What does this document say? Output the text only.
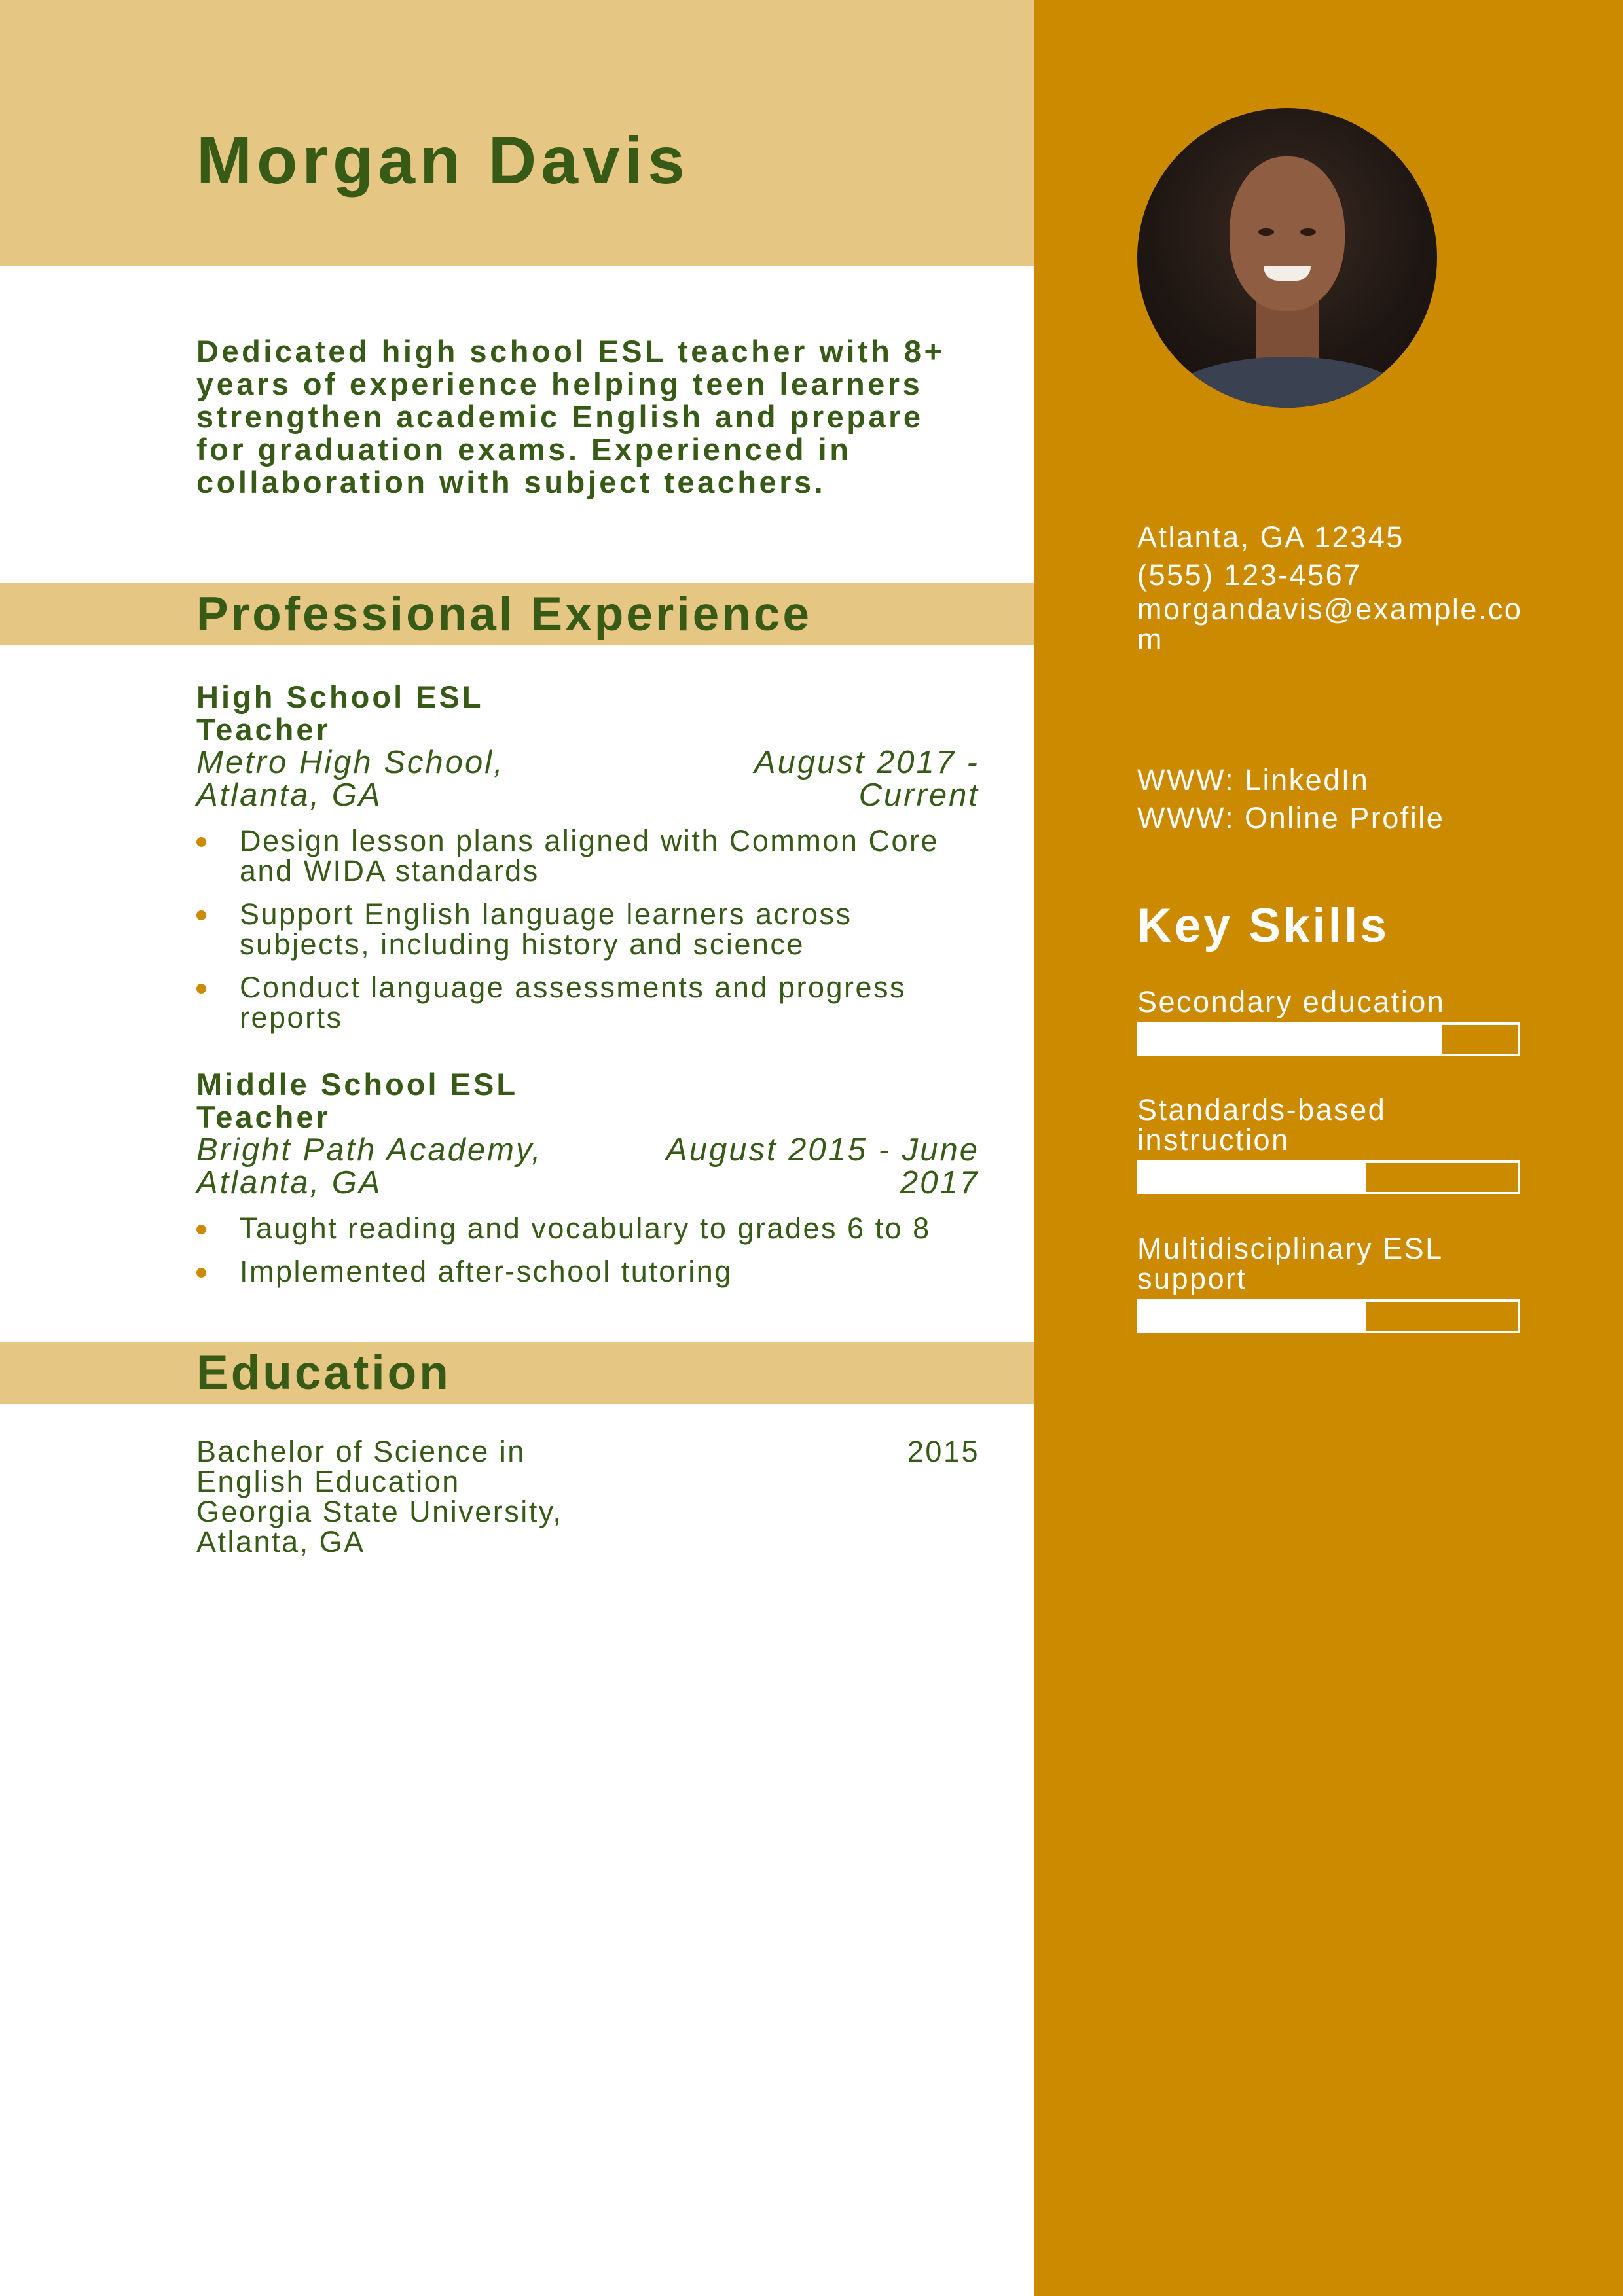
Morgan Davis

Dedicated high school ESL teacher with 8+ years of experience helping teen learners strengthen academic English and prepare for graduation exams. Experienced in collaboration with subject teachers.

Professional Experience
High School ESL Teacher
Metro High School, Atlanta, GA
August 2017 - Current
Design lesson plans aligned with Common Core and WIDA standards
Support English language learners across subjects, including history and science
Conduct language assessments and progress reports
Middle School ESL Teacher
Bright Path Academy, Atlanta, GA
August 2015 - June 2017
Taught reading and vocabulary to grades 6 to 8
Implemented after-school tutoring
Education
Bachelor of Science in English Education
Georgia State University, Atlanta, GA
2015
Atlanta, GA 12345
(555) 123-4567
morgandavis@example.com
WWW: LinkedIn
WWW: Online Profile
Key Skills
Secondary education
Standards-based instruction
Multidisciplinary ESL support
